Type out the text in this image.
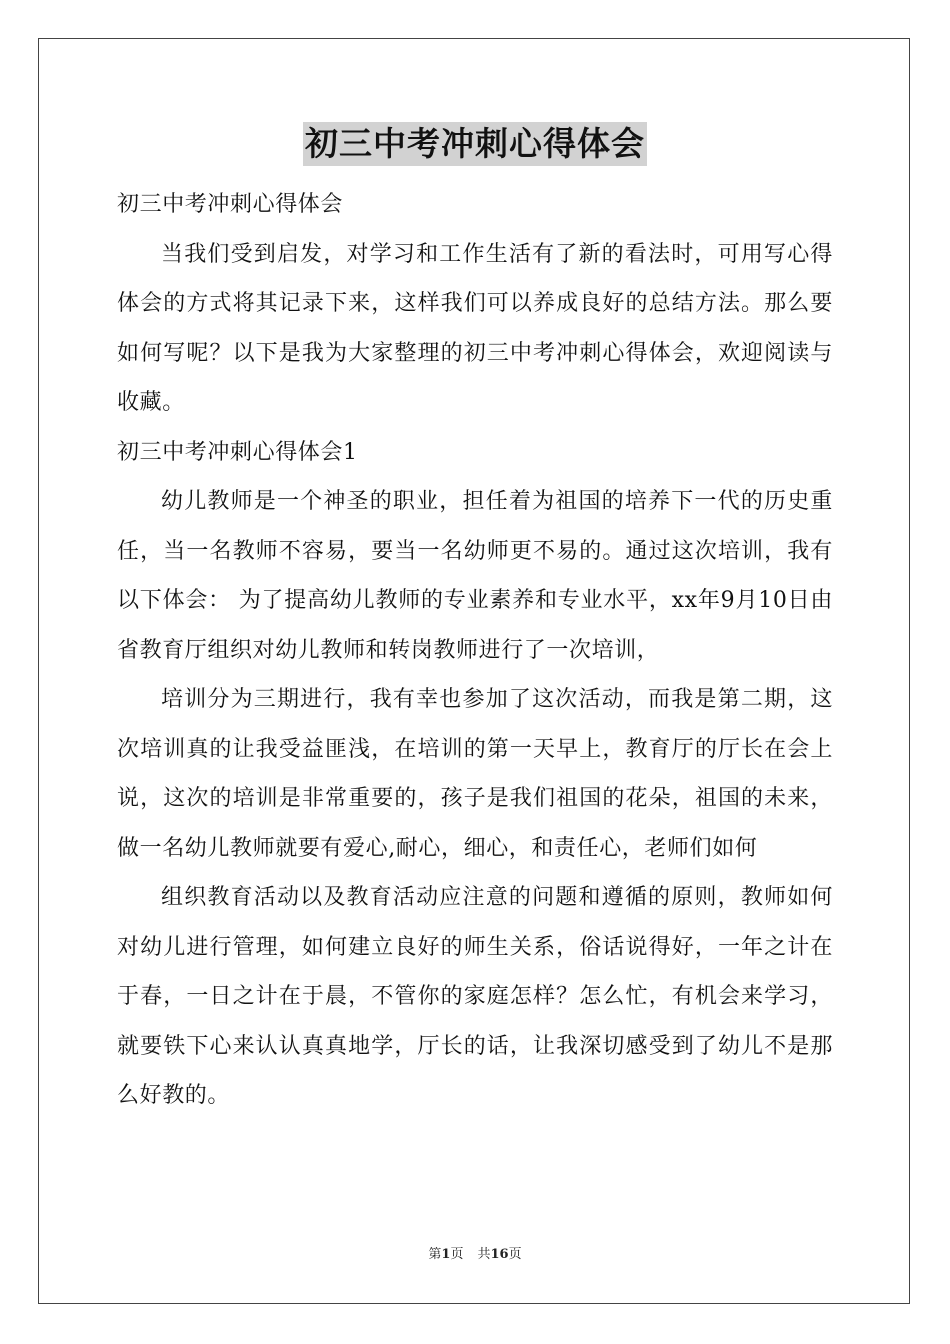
初三中考冲刺心得体会

初三中考冲刺心得体会

当我们受到启发，对学习和工作生活有了新的看法时，可用写心得体会的方式将其记录下来，这样我们可以养成良好的总结方法。那么要如何写呢？以下是我为大家整理的初三中考冲刺心得体会，欢迎阅读与收藏。

初三中考冲刺心得体会1

幼儿教师是一个神圣的职业，担任着为祖国的培养下一代的历史重任，当一名教师不容易，要当一名幼师更不易的。通过这次培训，我有以下体会： 为了提高幼儿教师的专业素养和专业水平，xx年9月10日由省教育厅组织对幼儿教师和转岗教师进行了一次培训，

培训分为三期进行，我有幸也参加了这次活动，而我是第二期，这次培训真的让我受益匪浅，在培训的第一天早上，教育厅的厅长在会上说，这次的培训是非常重要的，孩子是我们祖国的花朵，祖国的未来，做一名幼儿教师就要有爱心,耐心，细心，和责任心，老师们如何

组织教育活动以及教育活动应注意的问题和遵循的原则，教师如何对幼儿进行管理，如何建立良好的师生关系，俗话说得好，一年之计在于春，一日之计在于晨，不管你的家庭怎样？怎么忙，有机会来学习，就要铁下心来认认真真地学，厅长的话，让我深切感受到了幼儿不是那么好教的。

第1页 共16页
